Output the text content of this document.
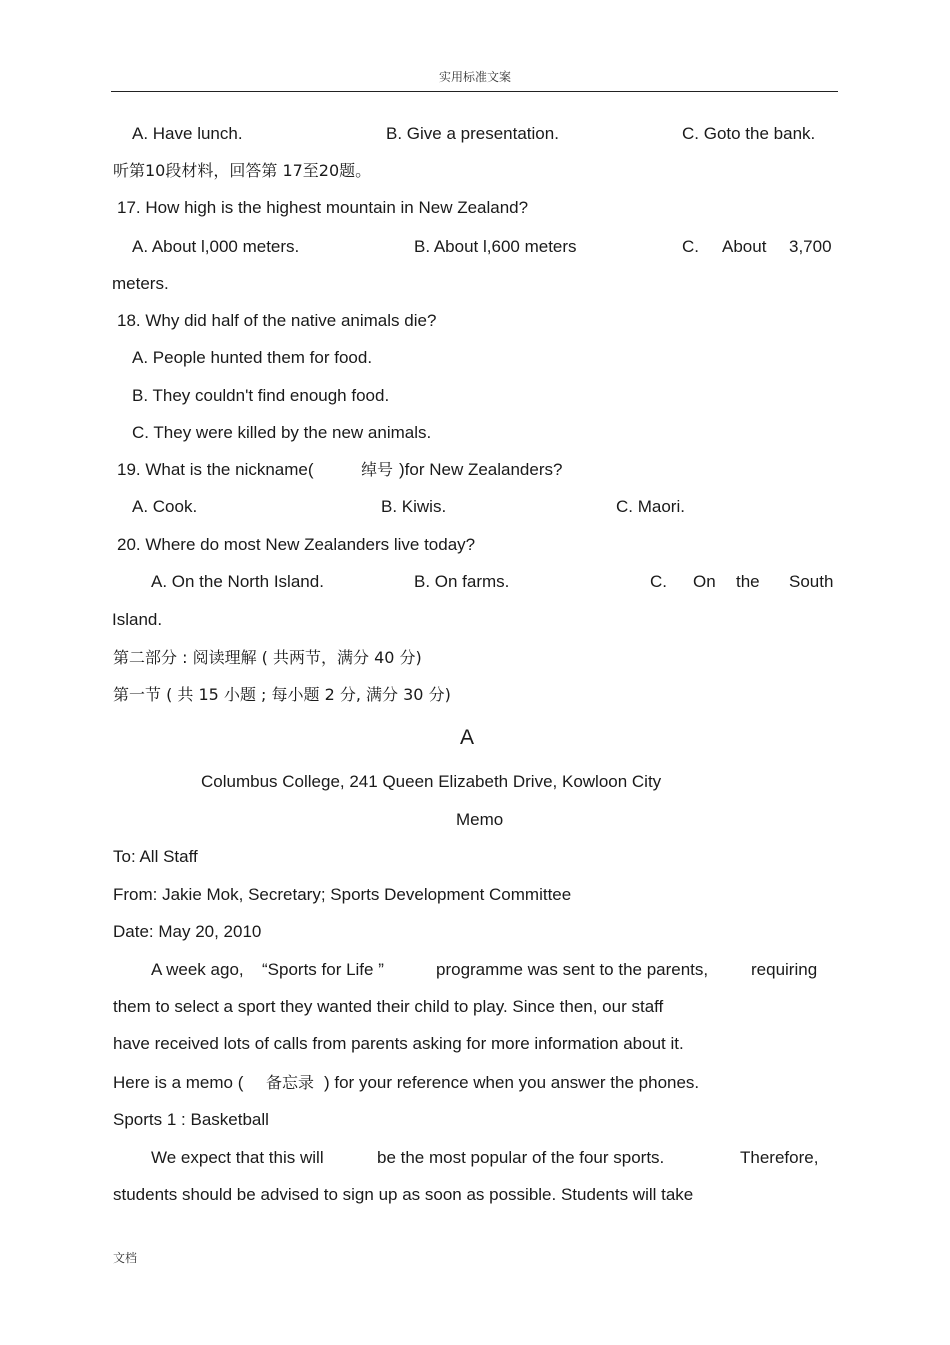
实用标准文案
A. Have lunch.	B. Give a presentation.	C. Goto the bank.
听第10段材料，回答第 17至20题。
17. How high is the highest mountain in New Zealand?
A. About l,000 meters.	B. About l,600 meters	C. About 3,700
meters.
18. Why did half of the native animals die?
A. People hunted them for food.
B. They couldn't find enough food.
C. They were killed by the new animals.
19. What is the nickname(	绰号 )for New Zealanders?
A. Cook.	B. Kiwis.	C. Maori.
20. Where do most New Zealanders live today?
A. On the North Island.	B. On farms.	C. On the South
Island.
第二部分 : 阅读理解 ( 共两节，满分 40 分)
第一节 ( 共 15 小题 ; 每小题 2 分, 满分 30 分)
A
Columbus College, 241 Queen Elizabeth Drive, Kowloon City
Memo
To: All Staff
From: Jakie Mok, Secretary; Sports Development Committee
Date: May 20, 2010
A week ago, “Sports for Life ”	programme was sent to the parents,	requiring
them to select a sport they wanted their child to play. Since then, our staff
have received lots of calls from parents asking for more information about it.
Here is a memo ( 备忘录 ) for your reference when you answer the phones.
Sports 1 : Basketball
We expect that this will	be the most popular of the four sports.	Therefore,
students should be advised to sign up as soon as possible. Students will take
文档
